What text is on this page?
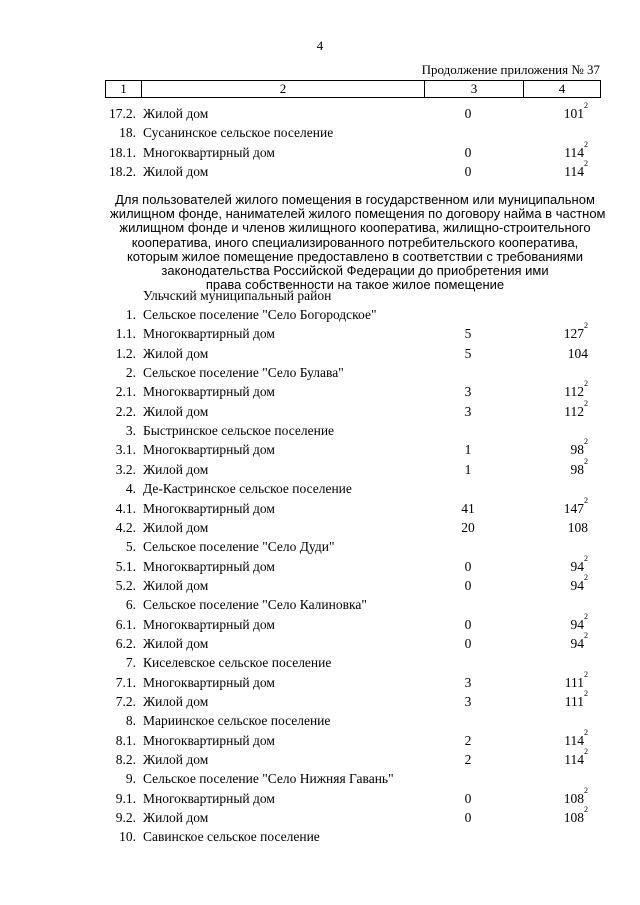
4
Продолжение приложения № 37
1	2	3	4
17.2. Жилой дом	0	$101^2$
18. Сусанинское сельское поселение
18.1. Многоквартирный дом	0	$114^2$
18.2. Жилой дом	0	$114^2$
Для пользователей жилого помещения в государственном или муниципальном
жилищном фонде, нанимателей жилого помещения по договору найма в частном
жилищном фонде и членов жилищного кооператива, жилищно-строительного
кооператива, иного специализированного потребительского кооператива,
которым жилое помещение предоставлено в соответствии с требованиями
законодательства Российской Федерации до приобретения ими
права собственности на такое жилое помещение
Ульчский муниципальный район
1. Сельское поселение "Село Богородское"
1.1. Многоквартирный дом	5	$127^2$
1.2. Жилой дом	5	104
2. Сельское поселение "Село Булава"
2.1. Многоквартирный дом	3	$112^2$
2.2. Жилой дом	3	$112^2$
3. Быстринское сельское поселение
3.1. Многоквартирный дом	1	$98^2$
3.2. Жилой дом	1	$98^2$
4. Де-Кастринское сельское поселение
4.1. Многоквартирный дом	41	$147^2$
4.2. Жилой дом	20	108
5. Сельское поселение "Село Дуди"
5.1. Многоквартирный дом	0	$94^2$
5.2. Жилой дом	0	$94^2$
6. Сельское поселение "Село Калиновка"
6.1. Многоквартирный дом	0	$94^2$
6.2. Жилой дом	0	$94^2$
7. Киселевское сельское поселение
7.1. Многоквартирный дом	3	$111^2$
7.2. Жилой дом	3	$111^2$
8. Мариинское сельское поселение
8.1. Многоквартирный дом	2	$114^2$
8.2. Жилой дом	2	$114^2$
9. Сельское поселение "Село Нижняя Гавань"
9.1. Многоквартирный дом	0	$108^2$
9.2. Жилой дом	0	$108^2$
10. Савинское сельское поселение
